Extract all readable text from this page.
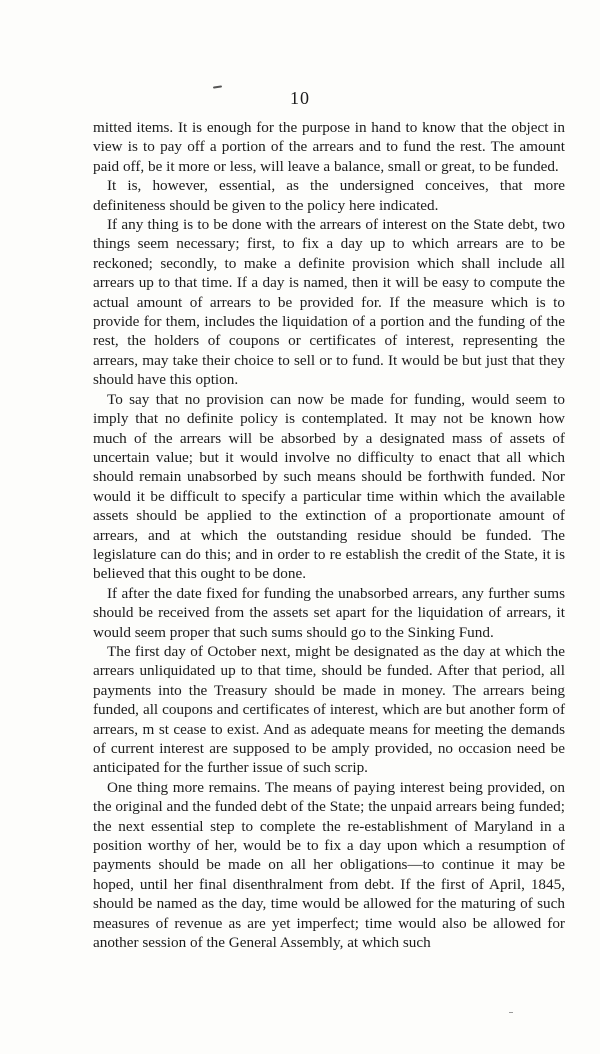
10

mitted items. It is enough for the purpose in hand to know that the object in view is to pay off a portion of the arrears and to fund the rest. The amount paid off, be it more or less, will leave a balance, small or great, to be funded.

It is, however, essential, as the undersigned conceives, that more definiteness should be given to the policy here indicated.

If any thing is to be done with the arrears of interest on the State debt, two things seem necessary; first, to fix a day up to which arrears are to be reckoned; secondly, to make a definite provision which shall include all arrears up to that time. If a day is named, then it will be easy to compute the actual amount of arrears to be provided for. If the measure which is to provide for them, includes the liquidation of a portion and the funding of the rest, the holders of coupons or certificates of interest, representing the arrears, may take their choice to sell or to fund. It would be but just that they should have this option.

To say that no provision can now be made for funding, would seem to imply that no definite policy is contemplated. It may not be known how much of the arrears will be absorbed by a designated mass of assets of uncertain value; but it would involve no difficulty to enact that all which should remain unabsorbed by such means should be forthwith funded. Nor would it be difficult to specify a particular time within which the available assets should be applied to the extinction of a proportionate amount of arrears, and at which the outstanding residue should be funded. The legislature can do this; and in order to re establish the credit of the State, it is believed that this ought to be done.

If after the date fixed for funding the unabsorbed arrears, any further sums should be received from the assets set apart for the liquidation of arrears, it would seem proper that such sums should go to the Sinking Fund.

The first day of October next, might be designated as the day at which the arrears unliquidated up to that time, should be funded. After that period, all payments into the Treasury should be made in money. The arrears being funded, all coupons and certificates of interest, which are but another form of arrears, m st cease to exist. And as adequate means for meeting the demands of current interest are supposed to be amply provided, no occasion need be anticipated for the further issue of such scrip.

One thing more remains. The means of paying interest being provided, on the original and the funded debt of the State; the unpaid arrears being funded; the next essential step to complete the re-establishment of Maryland in a position worthy of her, would be to fix a day upon which a resumption of payments should be made on all her obligations—to continue it may be hoped, until her final disenthralment from debt. If the first of April, 1845, should be named as the day, time would be allowed for the maturing of such measures of revenue as are yet imperfect; time would also be allowed for another session of the General Assembly, at which such
